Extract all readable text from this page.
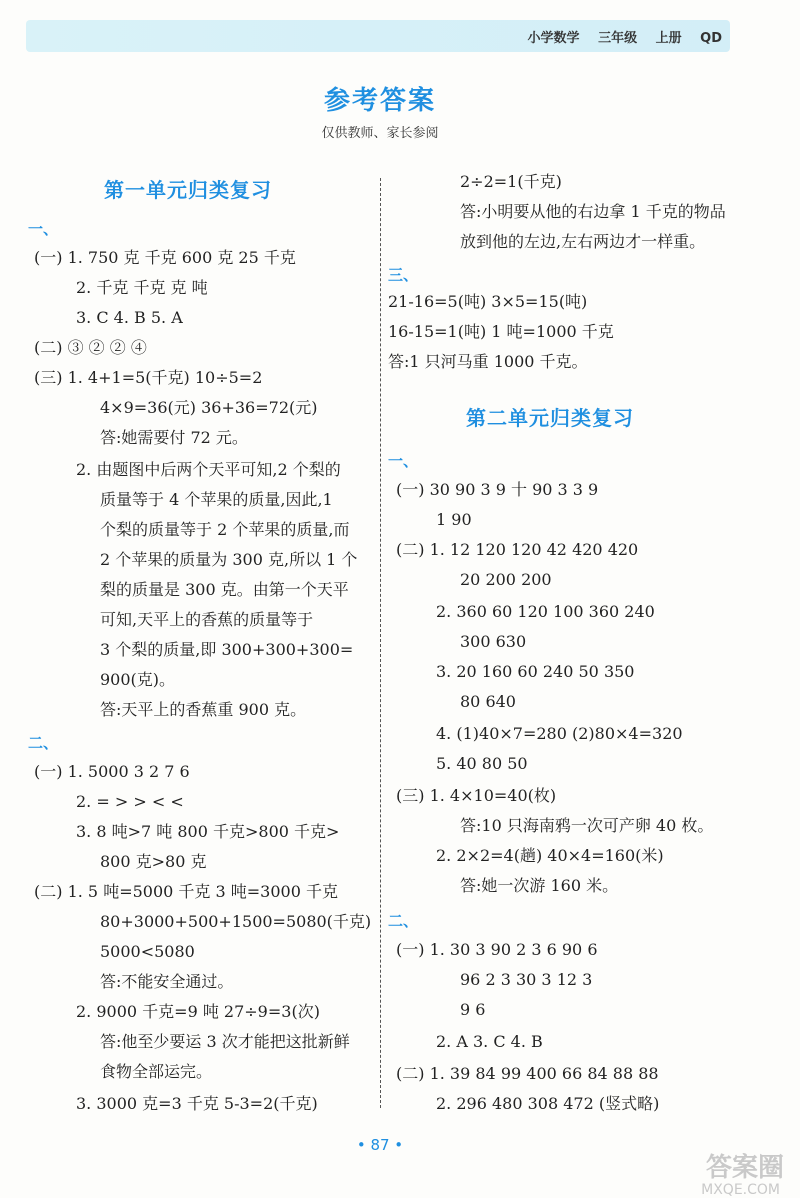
小学数学 三年级 上册 QD
参考答案
仅供教师、家长参阅
第一单元归类复习
一、
(一) 1. 750 克 千克 600 克 25 千克
2. 千克 千克 克 吨
3. C 4. B 5. A
(二) ③ ② ② ④
(三) 1. 4+1=5(千克) 10÷5=2
4×9=36(元) 36+36=72(元)
答:她需要付 72 元。
2. 由题图中后两个天平可知,2 个梨的
质量等于 4 个苹果的质量,因此,1
个梨的质量等于 2 个苹果的质量,而
2 个苹果的质量为 300 克,所以 1 个
梨的质量是 300 克。由第一个天平
可知,天平上的香蕉的质量等于
3 个梨的质量,即 300+300+300=
900(克)。
答:天平上的香蕉重 900 克。
二、
(一) 1. 5000 3 2 7 6
2. = > > < <
3. 8 吨>7 吨 800 千克>800 千克>
800 克>80 克
(二) 1. 5 吨=5000 千克 3 吨=3000 千克
80+3000+500+1500=5080(千克)
5000<5080
答:不能安全通过。
2. 9000 千克=9 吨 27÷9=3(次)
答:他至少要运 3 次才能把这批新鲜
食物全部运完。
3. 3000 克=3 千克 5-3=2(千克)
2÷2=1(千克)
答:小明要从他的右边拿 1 千克的物品
放到他的左边,左右两边才一样重。
三、
21-16=5(吨) 3×5=15(吨)
16-15=1(吨) 1 吨=1000 千克
答:1 只河马重 1000 千克。
第二单元归类复习
一、
(一) 30 90 3 9 十 90 3 3 9
1 90
(二) 1. 12 120 120 42 420 420
20 200 200
2. 360 60 120 100 360 240
300 630
3. 20 160 60 240 50 350
80 640
4. (1)40×7=280 (2)80×4=320
5. 40 80 50
(三) 1. 4×10=40(枚)
答:10 只海南鸦一次可产卵 40 枚。
2. 2×2=4(趟) 40×4=160(米)
答:她一次游 160 米。
二、
(一) 1. 30 3 90 2 3 6 90 6
96 2 3 30 3 12 3
9 6
2. A 3. C 4. B
(二) 1. 39 84 99 400 66 84 88 88
2. 296 480 308 472 (竖式略)
• 87 •
答案圈
MXQE.COM
